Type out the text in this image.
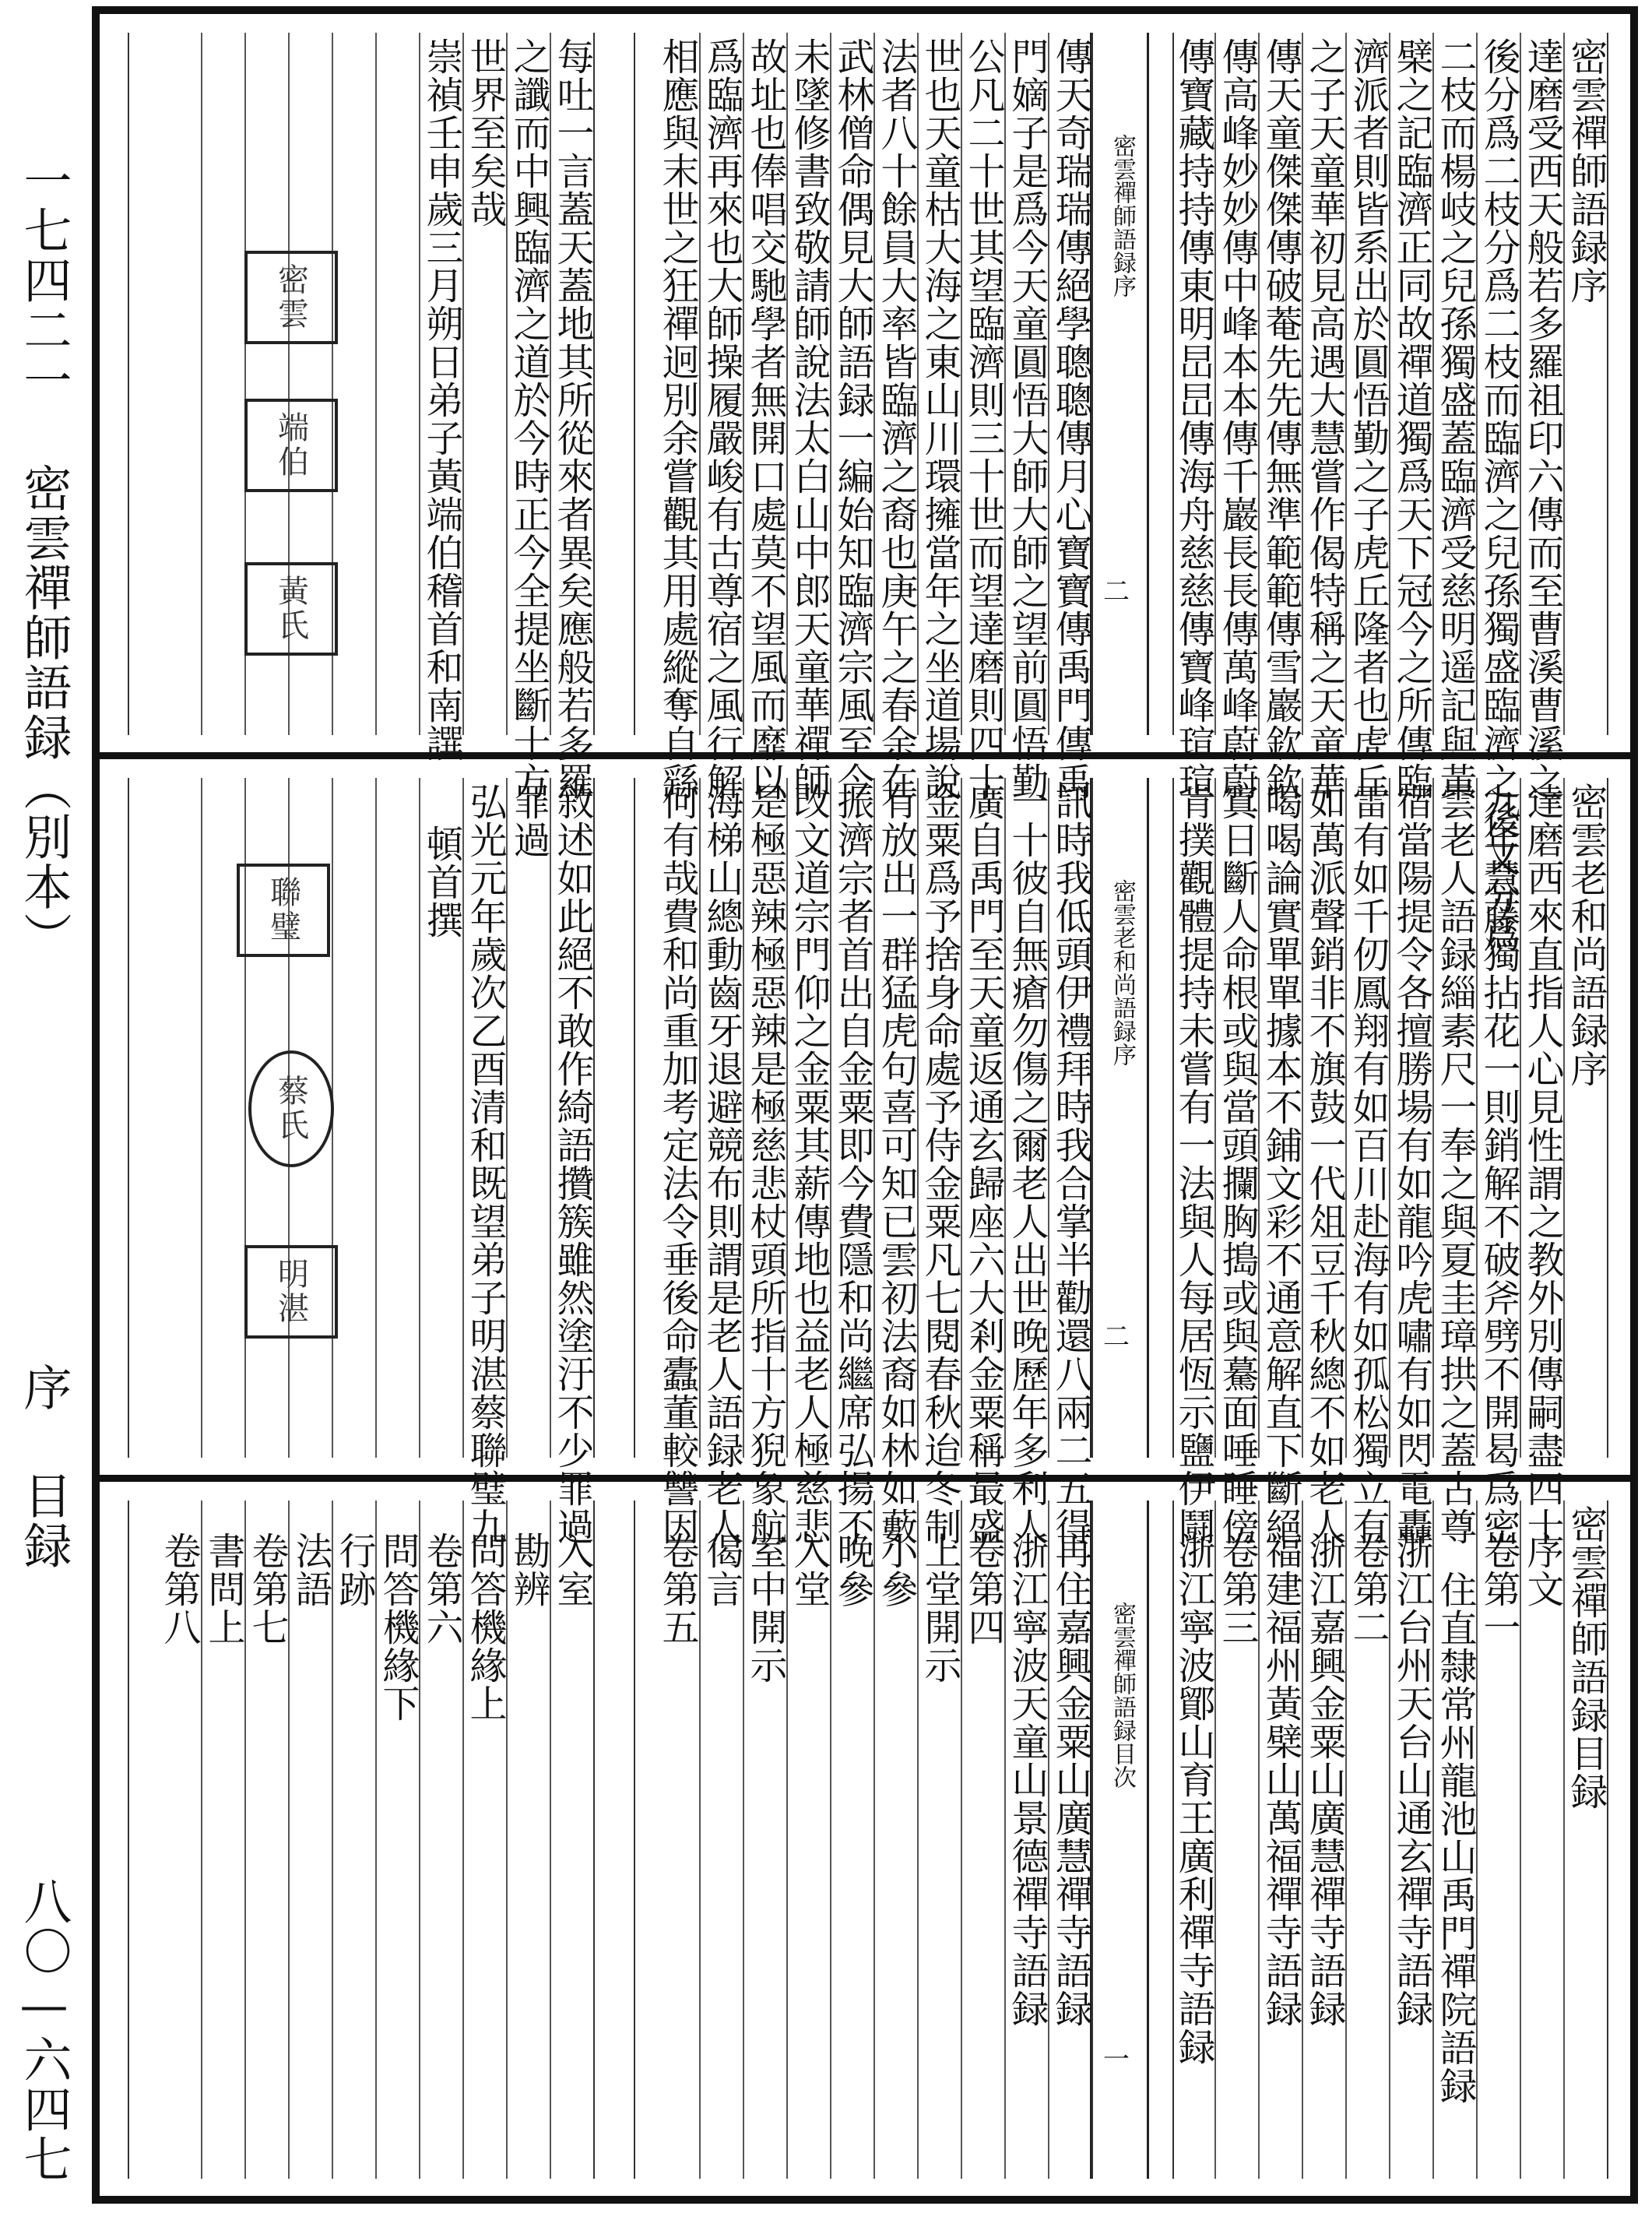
一七四二一 密雲禪師語録（別本）
序 目録
八〇—六四七
密雲禪師語録序
達磨受西天般若多羅祖印六傳而至曹溪曹溪之
後分爲二枝分爲二枝而臨濟之兒孫獨盛臨濟之後又分爲
二枝而楊岐之兒孫獨盛蓋臨濟受慈明遥記與黃
檗之記臨濟正同故禪道獨爲天下冠今之所傳臨
濟派者則皆系出於圓悟勤之子虎丘隆者也虎丘
之子天童華初見高遇大慧嘗作偈特稱之天童華
傳天童傑傑傳破菴先先傳無準範範傳雪巖欽欽
傳高峰妙妙傳中峰本本傳千巖長長傳萬峰蔚蔚
傳寶藏持持傳東明旵旵傳海舟慈慈傳寶峰瑄瑄
密雲禪師語録序
二
傳天奇瑞瑞傳絕學聰聰傳月心寶寶傳禹門傳禹
門嫡子是爲今天童圓悟大師大師之望前圓悟勤
公凡二十世其望臨濟則三十世而望達磨則四十
世也天童枯大海之東山川環擁當年之坐道場說
法者八十餘員大率皆臨濟之裔也庚午之春余在
武林僧命偶見大師語録一編始知臨濟宗風至今
未墜修書致敬請師說法太白山中郎天童華禪師
故址也俸唱交馳學者無開口處莫不望風而靡以
爲臨濟再來也大師操履嚴峻有古尊宿之風行解
相應與末世之狂禪迥別余嘗觀其用處縱奪自繇
每吐一言蓋天蓋地其所從來者異矣應般若多羅
之讖而中興臨濟之道於今時正今全提坐斷十方
世界至矣哉
崇禎壬申歲三月朔日弟子黃端伯稽首和南譔
密雲
端伯
黃氏
密雲老和尚語録序
達磨西來直指人心見性謂之教外別傳嗣盡四十
九年慧藤獨拈花一則銷解不破斧劈不開曷爲密
雲老人語録緇素尺一奉之與夏圭璋拱之蓋古尊
宿當陽提令各擅勝場有如龍吟虎嘯有如閃電轟
雷有如千仞鳳翔有如百川赴海有如孤松獨立有
如萬派聲銷非不旗鼓一代俎豆千秋總不如老人
喝喝論實單單據本不鋪文彩不通意解直下斷絕
寘日斷人命根或與當頭攔胸搗或與驀面唾睡傍
肯撲觀體提持未嘗有一法與人每居恆示鹽伊鬪
密雲老和尚語録序
二
訊時我低頭伊禮拜時我合掌半勸還八兩二五得
一十彼自無瘡勿傷之爾老人出世晚歷年多利人
廣自禹門至天童返通玄歸座六大剎金粟稱最盛
金粟爲予捨身命處予侍金粟凡七閱春秋迨冬制
有放出一群猛虎句喜可知已雲初法裔如林如藪
振濟宗者首出自金粟即今費隱和尚繼席弘揚不
改文道宗門仰之金粟其薪傳地也益老人極慈悲
是極惡辣極惡辣是極慈悲杖頭所指十方猊象航
海梯山總動齒牙退避競布則謂是老人語録老人
何有哉費和尚重加考定法令垂後命蠹董較讐因
敘述如此絕不敢作綺語攢簇雖然塗汙不少罪過
罪過
弘光元年歲次乙酉清和既望弟子明湛蔡聯璧九
頓首撰
聯璧
蔡氏
明湛
密雲禪師語録目録
序文
卷第一
住直隸常州龍池山禹門禪院語録
浙江台州天台山通玄禪寺語録
卷第二
浙江嘉興金粟山廣慧禪寺語録
福建福州黃檗山萬福禪寺語録
卷第三
浙江寧波鄮山育王廣利禪寺語録
密雲禪師語録目次
一
再住嘉興金粟山廣慧禪寺語録
浙江寧波天童山景德禪寺語録
卷第四
上堂開示
小參
晚參
入堂
室中開示
偈言
卷第五
入室
勘辨
問答機緣上
卷第六
問答機緣下
行跡
法語
卷第七
書問上
卷第八
